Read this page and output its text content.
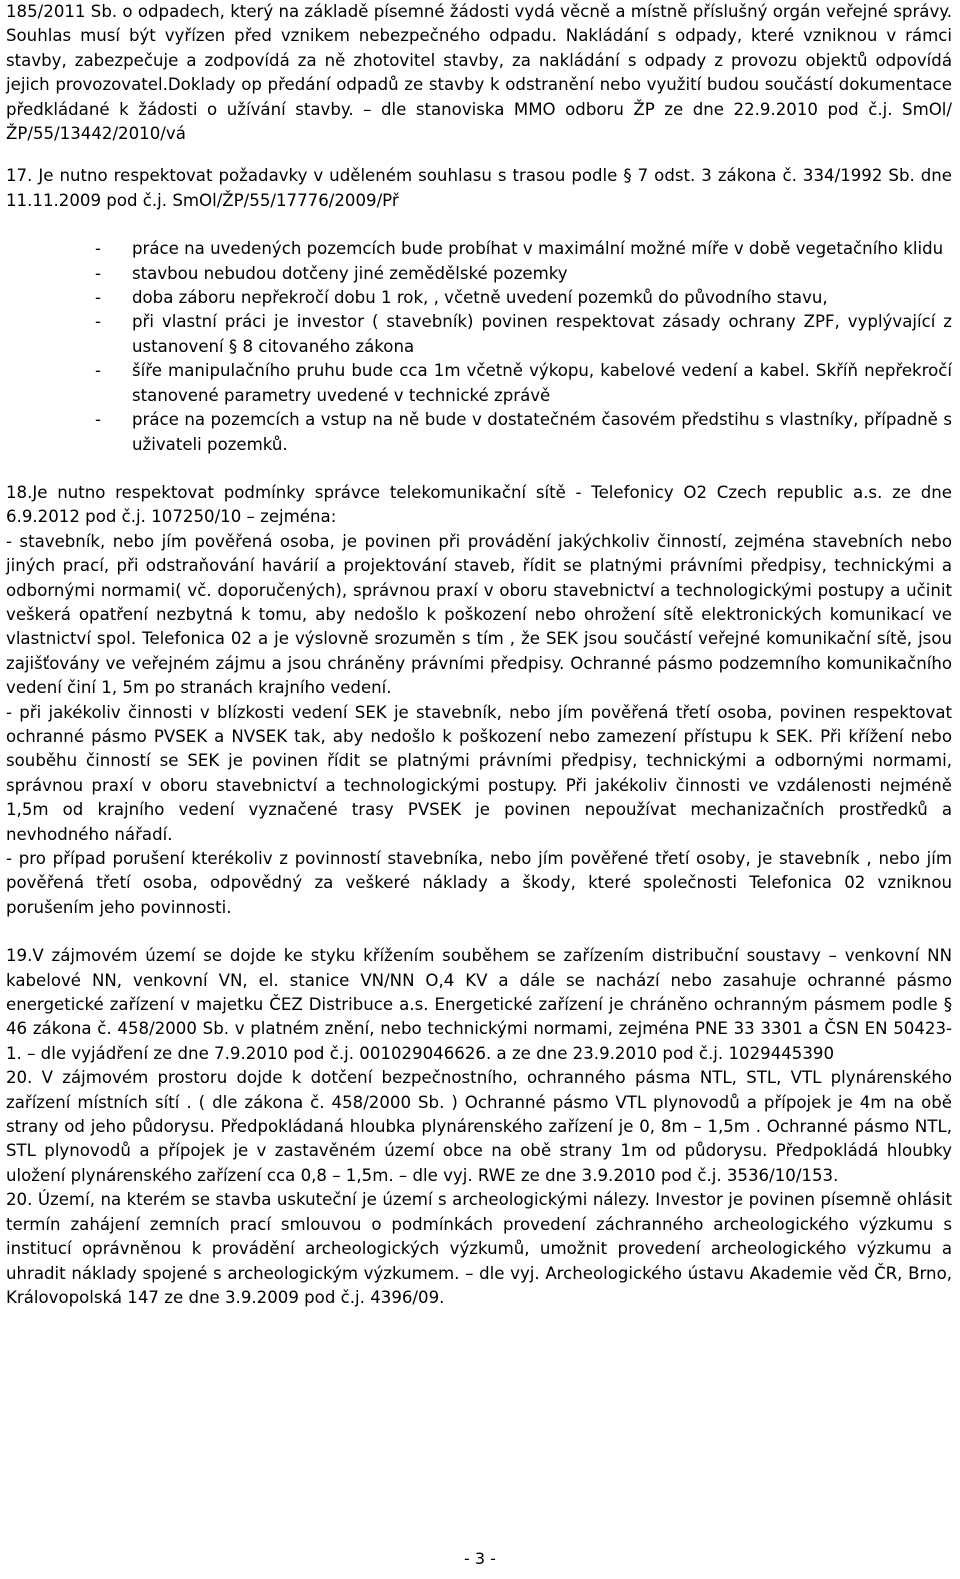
185/2011 Sb. o odpadech, který na základě písemné žádosti vydá věcně a místně příslušný orgán veřejné správy. Souhlas musí být vyřízen před vznikem nebezpečného odpadu. Nakládání s odpady, které vzniknou v rámci stavby, zabezpečuje a zodpovídá za ně zhotovitel stavby, za nakládání s odpady z provozu objektů odpovídá jejich provozovatel.Doklady op předání odpadů ze stavby k odstranění nebo využití budou součástí dokumentace předkládané k žádosti o užívání stavby. – dle stanoviska MMO odboru ŽP ze dne 22.9.2010 pod č.j. SmOl/ŽP/55/13442/2010/vá

17. Je nutno respektovat požadavky v uděleném souhlasu s trasou podle § 7 odst. 3 zákona č. 334/1992 Sb. dne 11.11.2009 pod č.j. SmOl/ŽP/55/17776/2009/Př

- práce na uvedených pozemcích bude probíhat v maximální možné míře v době vegetačního klidu
- stavbou nebudou dotčeny jiné zemědělské pozemky
- doba záboru nepřekročí dobu 1 rok, , včetně uvedení pozemků do původního stavu,
- při vlastní práci je investor ( stavebník) povinen respektovat zásady ochrany ZPF, vyplývající z ustanovení § 8 citovaného zákona
- šíře manipulačního pruhu bude cca 1m včetně výkopu, kabelové vedení a kabel. Skříň nepřekročí stanovené parametry uvedené v technické zprávě
- práce na pozemcích a vstup na ně bude v dostatečném časovém předstihu s vlastníky, případně s uživateli pozemků.

18.Je nutno respektovat podmínky správce telekomunikační sítě - Telefonicy O2 Czech republic a.s. ze dne 6.9.2012 pod č.j. 107250/10 – zejména:

- stavebník, nebo jím pověřená osoba, je povinen při provádění jakýchkoliv činností, zejména stavebních nebo jiných prací, při odstraňování havárií a projektování staveb, řídit se platnými právními předpisy, technickými a odbornými normami( vč. doporučených), správnou praxí v oboru stavebnictví a technologickými postupy a učinit veškerá opatření nezbytná k tomu, aby nedošlo k poškození nebo ohrožení sítě elektronických komunikací ve vlastnictví spol. Telefonica 02 a je výslovně srozuměn s tím , že SEK jsou součástí veřejné komunikační sítě, jsou zajišťovány ve veřejném zájmu a jsou chráněny právními předpisy. Ochranné pásmo podzemního komunikačního vedení činí 1, 5m po stranách krajního vedení.

- při jakékoliv činnosti v blízkosti vedení SEK je stavebník, nebo jím pověřená třetí osoba, povinen respektovat ochranné pásmo PVSEK a NVSEK tak, aby nedošlo k poškození nebo zamezení přístupu k SEK. Při křížení nebo souběhu činností se SEK je povinen řídit se platnými právními předpisy, technickými a odbornými normami, správnou praxí v oboru stavebnictví a technologickými postupy. Při jakékoliv činnosti ve vzdálenosti nejméně 1,5m od krajního vedení vyznačené trasy PVSEK je povinen nepoužívat mechanizačních prostředků a nevhodného nářadí.

- pro případ porušení kterékoliv z povinností stavebníka, nebo jím pověřené třetí osoby, je stavebník , nebo jím pověřená třetí osoba, odpovědný za veškeré náklady a škody, které společnosti Telefonica 02 vzniknou porušením jeho povinnosti.

19.V zájmovém území se dojde ke styku křížením souběhem se zařízením distribuční soustavy – venkovní NN kabelové NN, venkovní VN, el. stanice VN/NN O,4 KV a dále se nachází nebo zasahuje ochranné pásmo energetické zařízení v majetku ČEZ Distribuce a.s. Energetické zařízení je chráněno ochranným pásmem podle § 46 zákona č. 458/2000 Sb. v platném znění, nebo technickými normami, zejména PNE 33 3301 a ČSN EN 50423-1. – dle vyjádření ze dne 7.9.2010 pod č.j. 001029046626. a ze dne 23.9.2010 pod č.j. 1029445390

20. V zájmovém prostoru dojde k dotčení bezpečnostního, ochranného pásma NTL, STL, VTL plynárenského zařízení místních sítí . ( dle zákona č. 458/2000 Sb. ) Ochranné pásmo VTL plynovodů a přípojek je 4m na obě strany od jeho půdorysu. Předpokládaná hloubka plynárenského zařízení je 0, 8m – 1,5m . Ochranné pásmo NTL, STL plynovodů a přípojek je v zastavěném území obce na obě strany 1m od půdorysu. Předpokládá hloubky uložení plynárenského zařízení cca 0,8 – 1,5m. – dle vyj. RWE ze dne 3.9.2010 pod č.j. 3536/10/153.

20. Území, na kterém se stavba uskuteční je území s archeologickými nálezy. Investor je povinen písemně ohlásit termín zahájení zemních prací smlouvou o podmínkách provedení záchranného archeologického výzkumu s institucí oprávněnou k provádění archeologických výzkumů, umožnit provedení archeologického výzkumu a uhradit náklady spojené s archeologickým výzkumem. – dle vyj. Archeologického ústavu Akademie věd ČR, Brno, Královopolská 147 ze dne 3.9.2009 pod č.j. 4396/09.

- 3 -
